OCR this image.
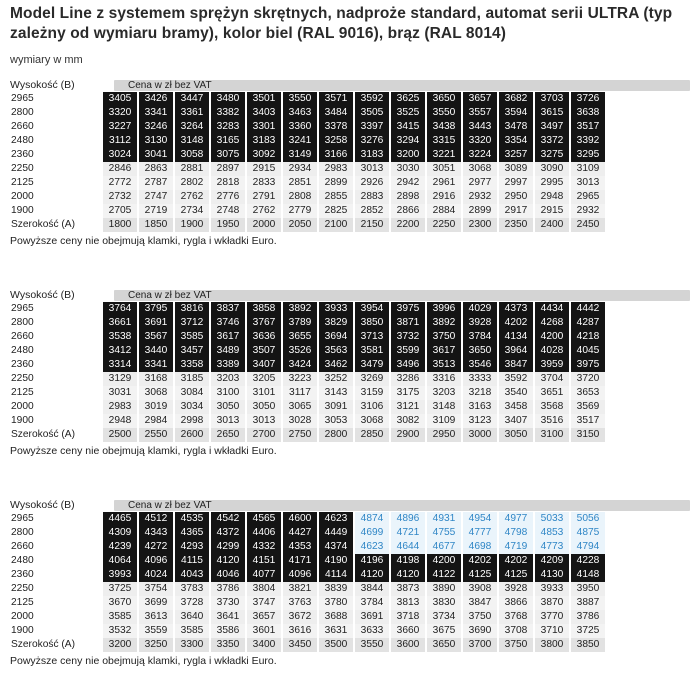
Model Line z systemem sprężyn skrętnych, nadproże standard, automat serii ULTRA (typ zależny od wymiaru bramy), kolor biel (RAL 9016), brąz (RAL 8014)
wymiary w mm
Wysokość (B)	Cena w zł bez VAT
2965	3405	3426	3447	3480	3501	3550	3571	3592	3625	3650	3657	3682	3703	3726
2800	3320	3341	3361	3382	3403	3463	3484	3505	3525	3550	3557	3594	3615	3638
2660	3227	3246	3264	3283	3301	3360	3378	3397	3415	3438	3443	3478	3497	3517
2480	3112	3130	3148	3165	3183	3241	3258	3276	3294	3315	3320	3354	3372	3392
2360	3024	3041	3058	3075	3092	3149	3166	3183	3200	3221	3224	3257	3275	3295
2250	2846	2863	2881	2897	2915	2934	2983	3013	3030	3051	3068	3089	3090	3109
2125	2772	2787	2802	2818	2833	2851	2899	2926	2942	2961	2977	2997	2995	3013
2000	2732	2747	2762	2776	2791	2808	2855	2883	2898	2916	2932	2950	2948	2965
1900	2705	2719	2734	2748	2762	2779	2825	2852	2866	2884	2899	2917	2915	2932
Szerokość (A)	1800	1850	1900	1950	2000	2050	2100	2150	2200	2250	2300	2350	2400	2450
Powyższe ceny nie obejmują klamki, rygla i wkładki Euro.
Wysokość (B)	Cena w zł bez VAT
2965	3764	3795	3816	3837	3858	3892	3933	3954	3975	3996	4029	4373	4434	4442
2800	3661	3691	3712	3746	3767	3789	3829	3850	3871	3892	3928	4202	4268	4287
2660	3538	3567	3585	3617	3636	3655	3694	3713	3732	3750	3784	4134	4200	4218
2480	3412	3440	3457	3489	3507	3526	3563	3581	3599	3617	3650	3964	4028	4045
2360	3314	3341	3358	3389	3407	3424	3462	3479	3496	3513	3546	3847	3959	3975
2250	3129	3168	3185	3203	3205	3223	3252	3269	3286	3316	3333	3592	3704	3720
2125	3031	3068	3084	3100	3101	3117	3143	3159	3175	3203	3218	3540	3651	3653
2000	2983	3019	3034	3050	3050	3065	3091	3106	3121	3148	3163	3458	3568	3569
1900	2948	2984	2998	3013	3013	3028	3053	3068	3082	3109	3123	3407	3516	3517
Szerokość (A)	2500	2550	2600	2650	2700	2750	2800	2850	2900	2950	3000	3050	3100	3150
Powyższe ceny nie obejmują klamki, rygla i wkładki Euro.
Wysokość (B)	Cena w zł bez VAT
2965	4465	4512	4535	4542	4565	4600	4623	4874	4896	4931	4954	4977	5033	5056
2800	4309	4343	4365	4372	4406	4427	4449	4699	4721	4755	4777	4798	4853	4875
2660	4239	4272	4293	4299	4332	4353	4374	4623	4644	4677	4698	4719	4773	4794
2480	4064	4096	4115	4120	4151	4171	4190	4196	4198	4200	4202	4202	4209	4228
2360	3993	4024	4043	4046	4077	4096	4114	4120	4120	4122	4125	4125	4130	4148
2250	3725	3754	3783	3786	3804	3821	3839	3844	3873	3890	3908	3928	3933	3950
2125	3670	3699	3728	3730	3747	3763	3780	3784	3813	3830	3847	3866	3870	3887
2000	3585	3613	3640	3641	3657	3672	3688	3691	3718	3734	3750	3768	3770	3786
1900	3532	3559	3585	3586	3601	3616	3631	3633	3660	3675	3690	3708	3710	3725
Szerokość (A)	3200	3250	3300	3350	3400	3450	3500	3550	3600	3650	3700	3750	3800	3850
Powyższe ceny nie obejmują klamki, rygla i wkładki Euro.
